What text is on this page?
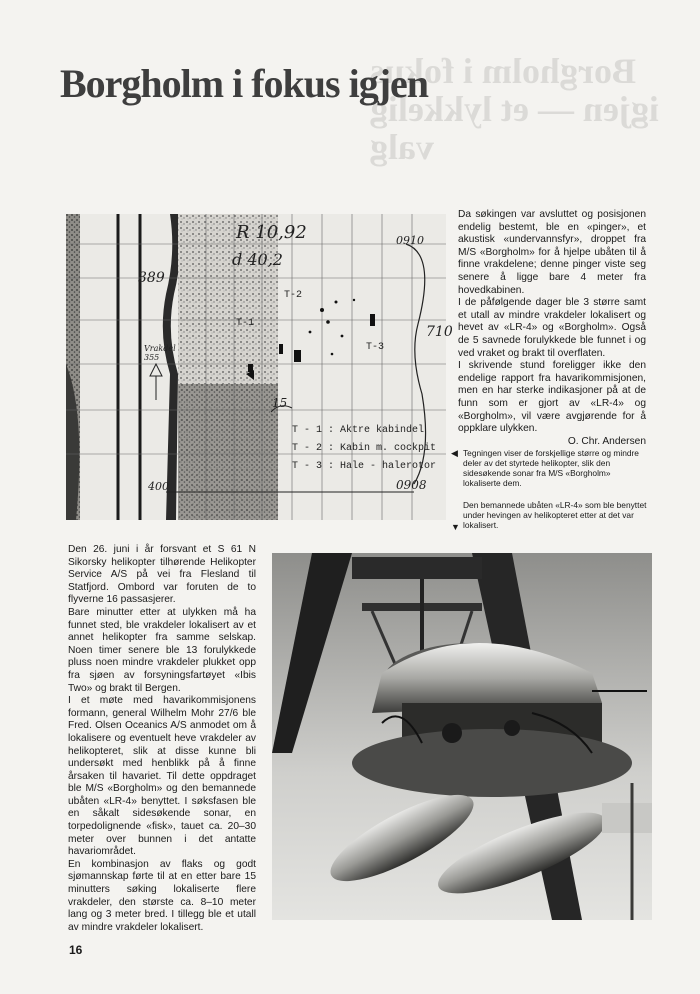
Borgholm i fokus igjen — et lykkelig valg
Borgholm i fokus igjen
R 10,92
d 40,2
0910
0908
389
400
Vrakdel 355
710
15
T-1
T-2
T-3
T - 1 : Aktre kabindel
T - 2 : Kabin m. cockpit
T - 3 : Hale - halerotor

Da søkingen var avsluttet og posisjonen endelig bestemt, ble en «pinger», et akustisk «undervannsfyr», droppet fra M/S «Borgholm» for å hjelpe ubåten til å finne vrakdelene; denne pinger viste seg senere å ligge bare 4 meter fra hovedkabinen.

I de påfølgende dager ble 3 større samt et utall av mindre vrakdeler lokalisert og hevet av «LR-4» og «Borgholm». Også de 5 savnede forulykkede ble funnet i og ved vraket og brakt til overflaten.

I skrivende stund foreligger ikke den endelige rapport fra havarikommisjonen, men en har sterke indikasjoner på at de funn som er gjort av «LR-4» og «Borgholm», vil være avgjørende for å oppklare ulykken.

O. Chr. Andersen

◀ Tegningen viser de forskjellige større og mindre deler av det styrtede helikopter, slik den sidesøkende sonar fra M/S «Borgholm» lokaliserte dem.
▼
Den bemannede ubåten «LR-4» som ble benyttet under hevingen av helikopteret etter at det var lokalisert.

Den 26. juni i år forsvant et S 61 N Sikorsky helikopter tilhørende Helikopter Service A/S på vei fra Flesland til Statfjord. Ombord var foruten de to flyverne 16 passasjerer.

Bare minutter etter at ulykken må ha funnet sted, ble vrakdeler lokalisert av et annet helikopter fra samme selskap. Noen timer senere ble 13 forulykkede pluss noen mindre vrakdeler plukket opp fra sjøen av forsyningsfartøyet «Ibis Two» og brakt til Bergen.

I et møte med havarikommisjonens formann, general Wilhelm Mohr 27/6 ble Fred. Olsen Oceanics A/S anmodet om å lokalisere og eventuelt heve vrakdeler av helikopteret, slik at disse kunne bli undersøkt med henblikk på å finne årsaken til havariet. Til dette oppdraget ble M/S «Borgholm» og den bemannede ubåten «LR-4» benyttet. I søksfasen ble en såkalt sidesøkende sonar, en torpedolignende «fisk», tauet ca. 20–30 meter over bunnen i det antatte havariområdet.

En kombinasjon av flaks og godt sjømannskap førte til at en etter bare 15 minutters søking lokaliserte flere vrakdeler, den største ca. 8–10 meter lang og 3 meter bred. I tillegg ble et utall av mindre vrakdeler lokalisert.

16
